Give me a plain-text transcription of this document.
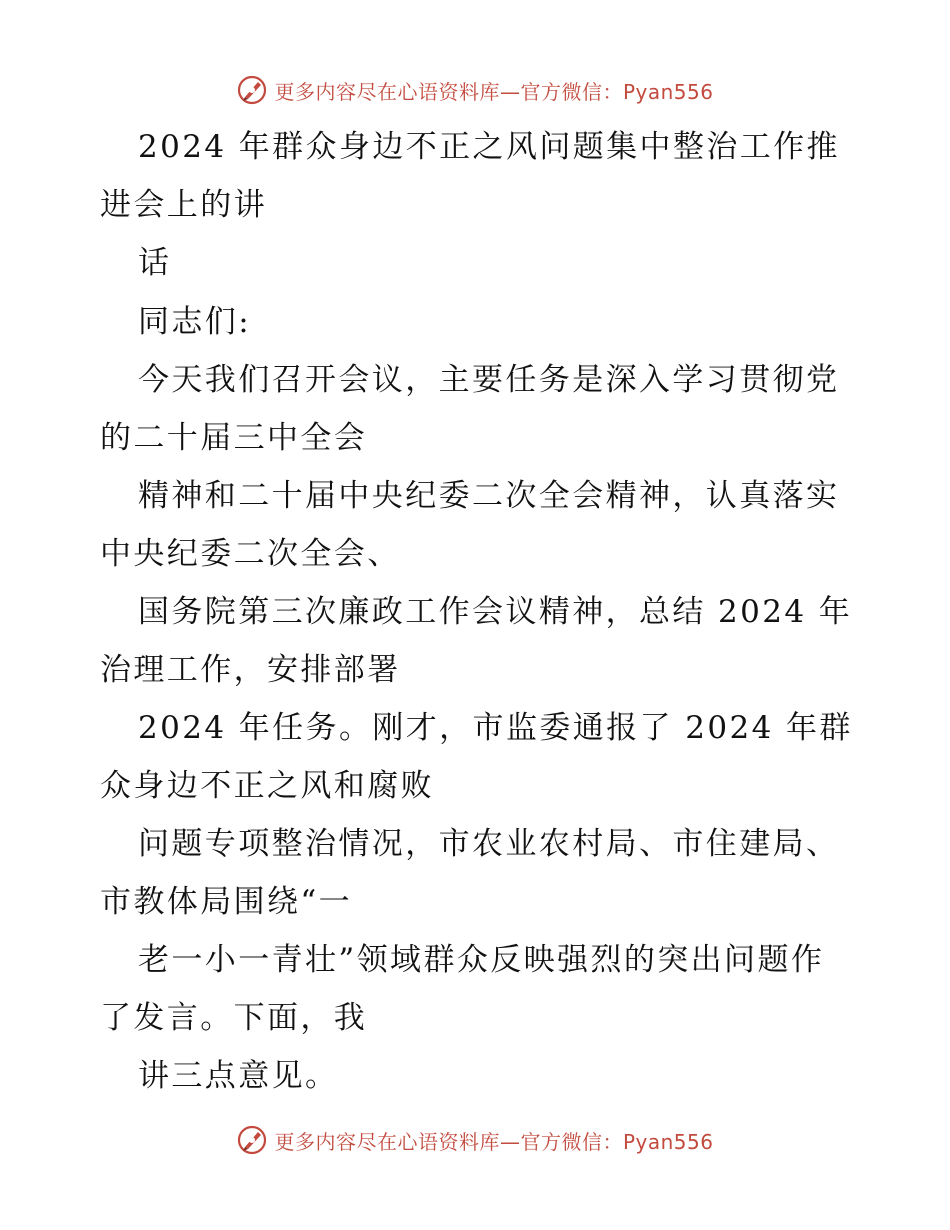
更多内容尽在心语资料库—官方微信：Pyan556
2024 年群众身边不正之风问题集中整治工作推
进会上的讲
话
同志们:
今天我们召开会议，主要任务是深入学习贯彻党
的二十届三中全会
精神和二十届中央纪委二次全会精神，认真落实
中央纪委二次全会、
国务院第三次廉政工作会议精神，总结 2024 年
治理工作，安排部署
2024 年任务。刚才，市监委通报了 2024 年群
众身边不正之风和腐败
问题专项整治情况，市农业农村局、市住建局、
市教体局围绕“一
老一小一青壮”领域群众反映强烈的突出问题作
了发言。下面，我
讲三点意见。
更多内容尽在心语资料库—官方微信：Pyan556
